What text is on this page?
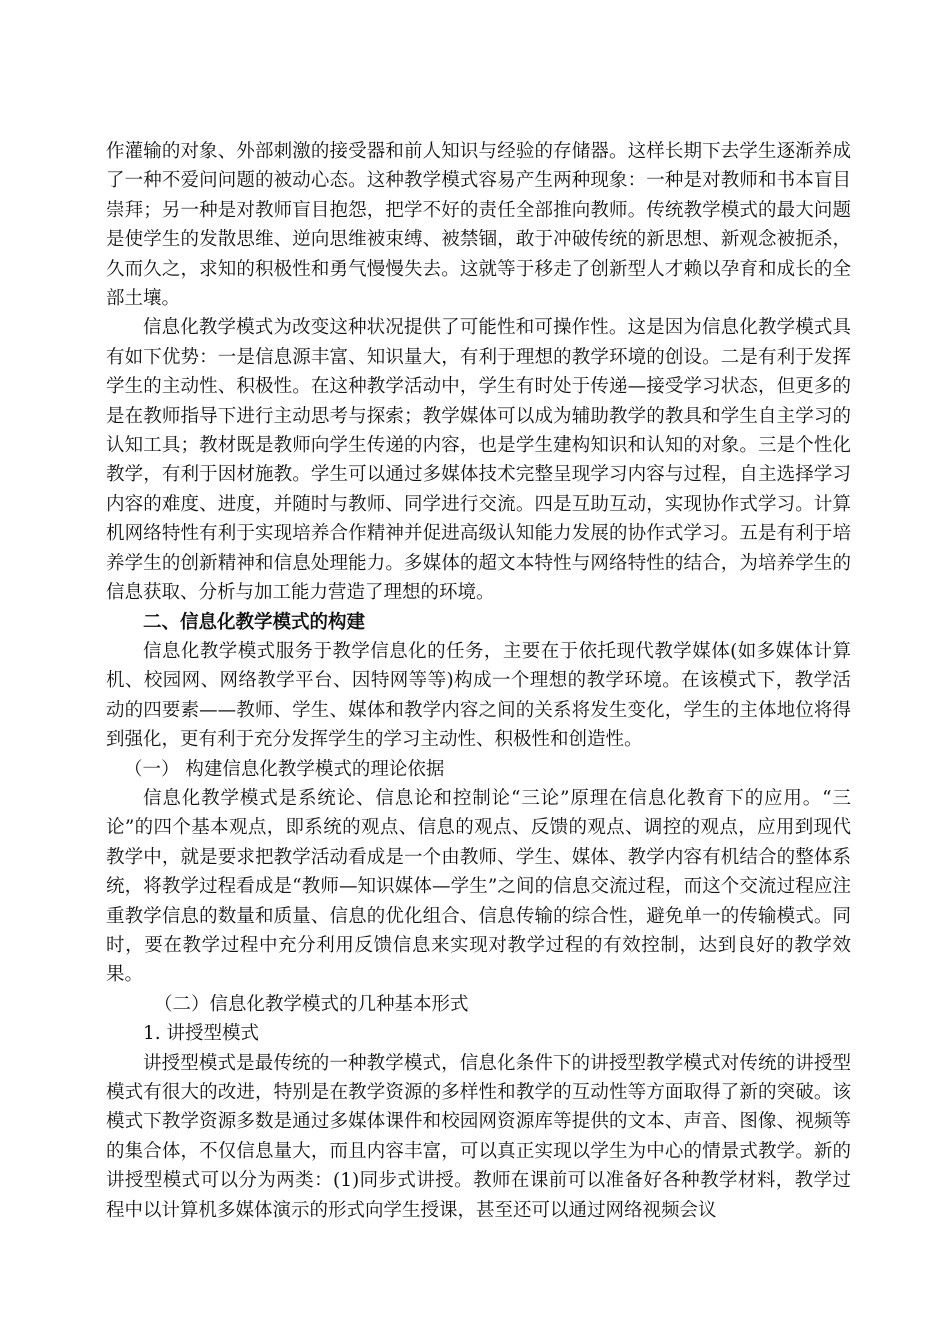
作灌输的对象、外部刺激的接受器和前人知识与经验的存储器。这样长期下去学生逐渐养成了一种不爱问问题的被动心态。这种教学模式容易产生两种现象：一种是对教师和书本盲目崇拜；另一种是对教师盲目抱怨，把学不好的责任全部推向教师。传统教学模式的最大问题是使学生的发散思维、逆向思维被束缚、被禁锢，敢于冲破传统的新思想、新观念被扼杀，久而久之，求知的积极性和勇气慢慢失去。这就等于移走了创新型人才赖以孕育和成长的全部土壤。

信息化教学模式为改变这种状况提供了可能性和可操作性。这是因为信息化教学模式具有如下优势：一是信息源丰富、知识量大，有利于理想的教学环境的创设。二是有利于发挥学生的主动性、积极性。在这种教学活动中，学生有时处于传递—接受学习状态，但更多的是在教师指导下进行主动思考与探索；教学媒体可以成为辅助教学的教具和学生自主学习的认知工具；教材既是教师向学生传递的内容，也是学生建构知识和认知的对象。三是个性化教学，有利于因材施教。学生可以通过多媒体技术完整呈现学习内容与过程，自主选择学习内容的难度、进度，并随时与教师、同学进行交流。四是互助互动，实现协作式学习。计算机网络特性有利于实现培养合作精神并促进高级认知能力发展的协作式学习。五是有利于培养学生的创新精神和信息处理能力。多媒体的超文本特性与网络特性的结合，为培养学生的信息获取、分析与加工能力营造了理想的环境。

二、信息化教学模式的构建

信息化教学模式服务于教学信息化的任务，主要在于依托现代教学媒体(如多媒体计算机、校园网、网络教学平台、因特网等等)构成一个理想的教学环境。在该模式下，教学活动的四要素——教师、学生、媒体和教学内容之间的关系将发生变化，学生的主体地位将得到强化，更有利于充分发挥学生的学习主动性、积极性和创造性。

（一） 构建信息化教学模式的理论依据

信息化教学模式是系统论、信息论和控制论“三论”原理在信息化教育下的应用。“三论”的四个基本观点，即系统的观点、信息的观点、反馈的观点、调控的观点，应用到现代教学中，就是要求把教学活动看成是一个由教师、学生、媒体、教学内容有机结合的整体系统，将教学过程看成是“教师—知识媒体—学生”之间的信息交流过程，而这个交流过程应注重教学信息的数量和质量、信息的优化组合、信息传输的综合性，避免单一的传输模式。同时，要在教学过程中充分利用反馈信息来实现对教学过程的有效控制，达到良好的教学效果。

（二）信息化教学模式的几种基本形式

1. 讲授型模式

讲授型模式是最传统的一种教学模式，信息化条件下的讲授型教学模式对传统的讲授型模式有很大的改进，特别是在教学资源的多样性和教学的互动性等方面取得了新的突破。该模式下教学资源多数是通过多媒体课件和校园网资源库等提供的文本、声音、图像、视频等的集合体，不仅信息量大，而且内容丰富，可以真正实现以学生为中心的情景式教学。新的讲授型模式可以分为两类：(1)同步式讲授。教师在课前可以准备好各种教学材料，教学过程中以计算机多媒体演示的形式向学生授课，甚至还可以通过网络视频会议
